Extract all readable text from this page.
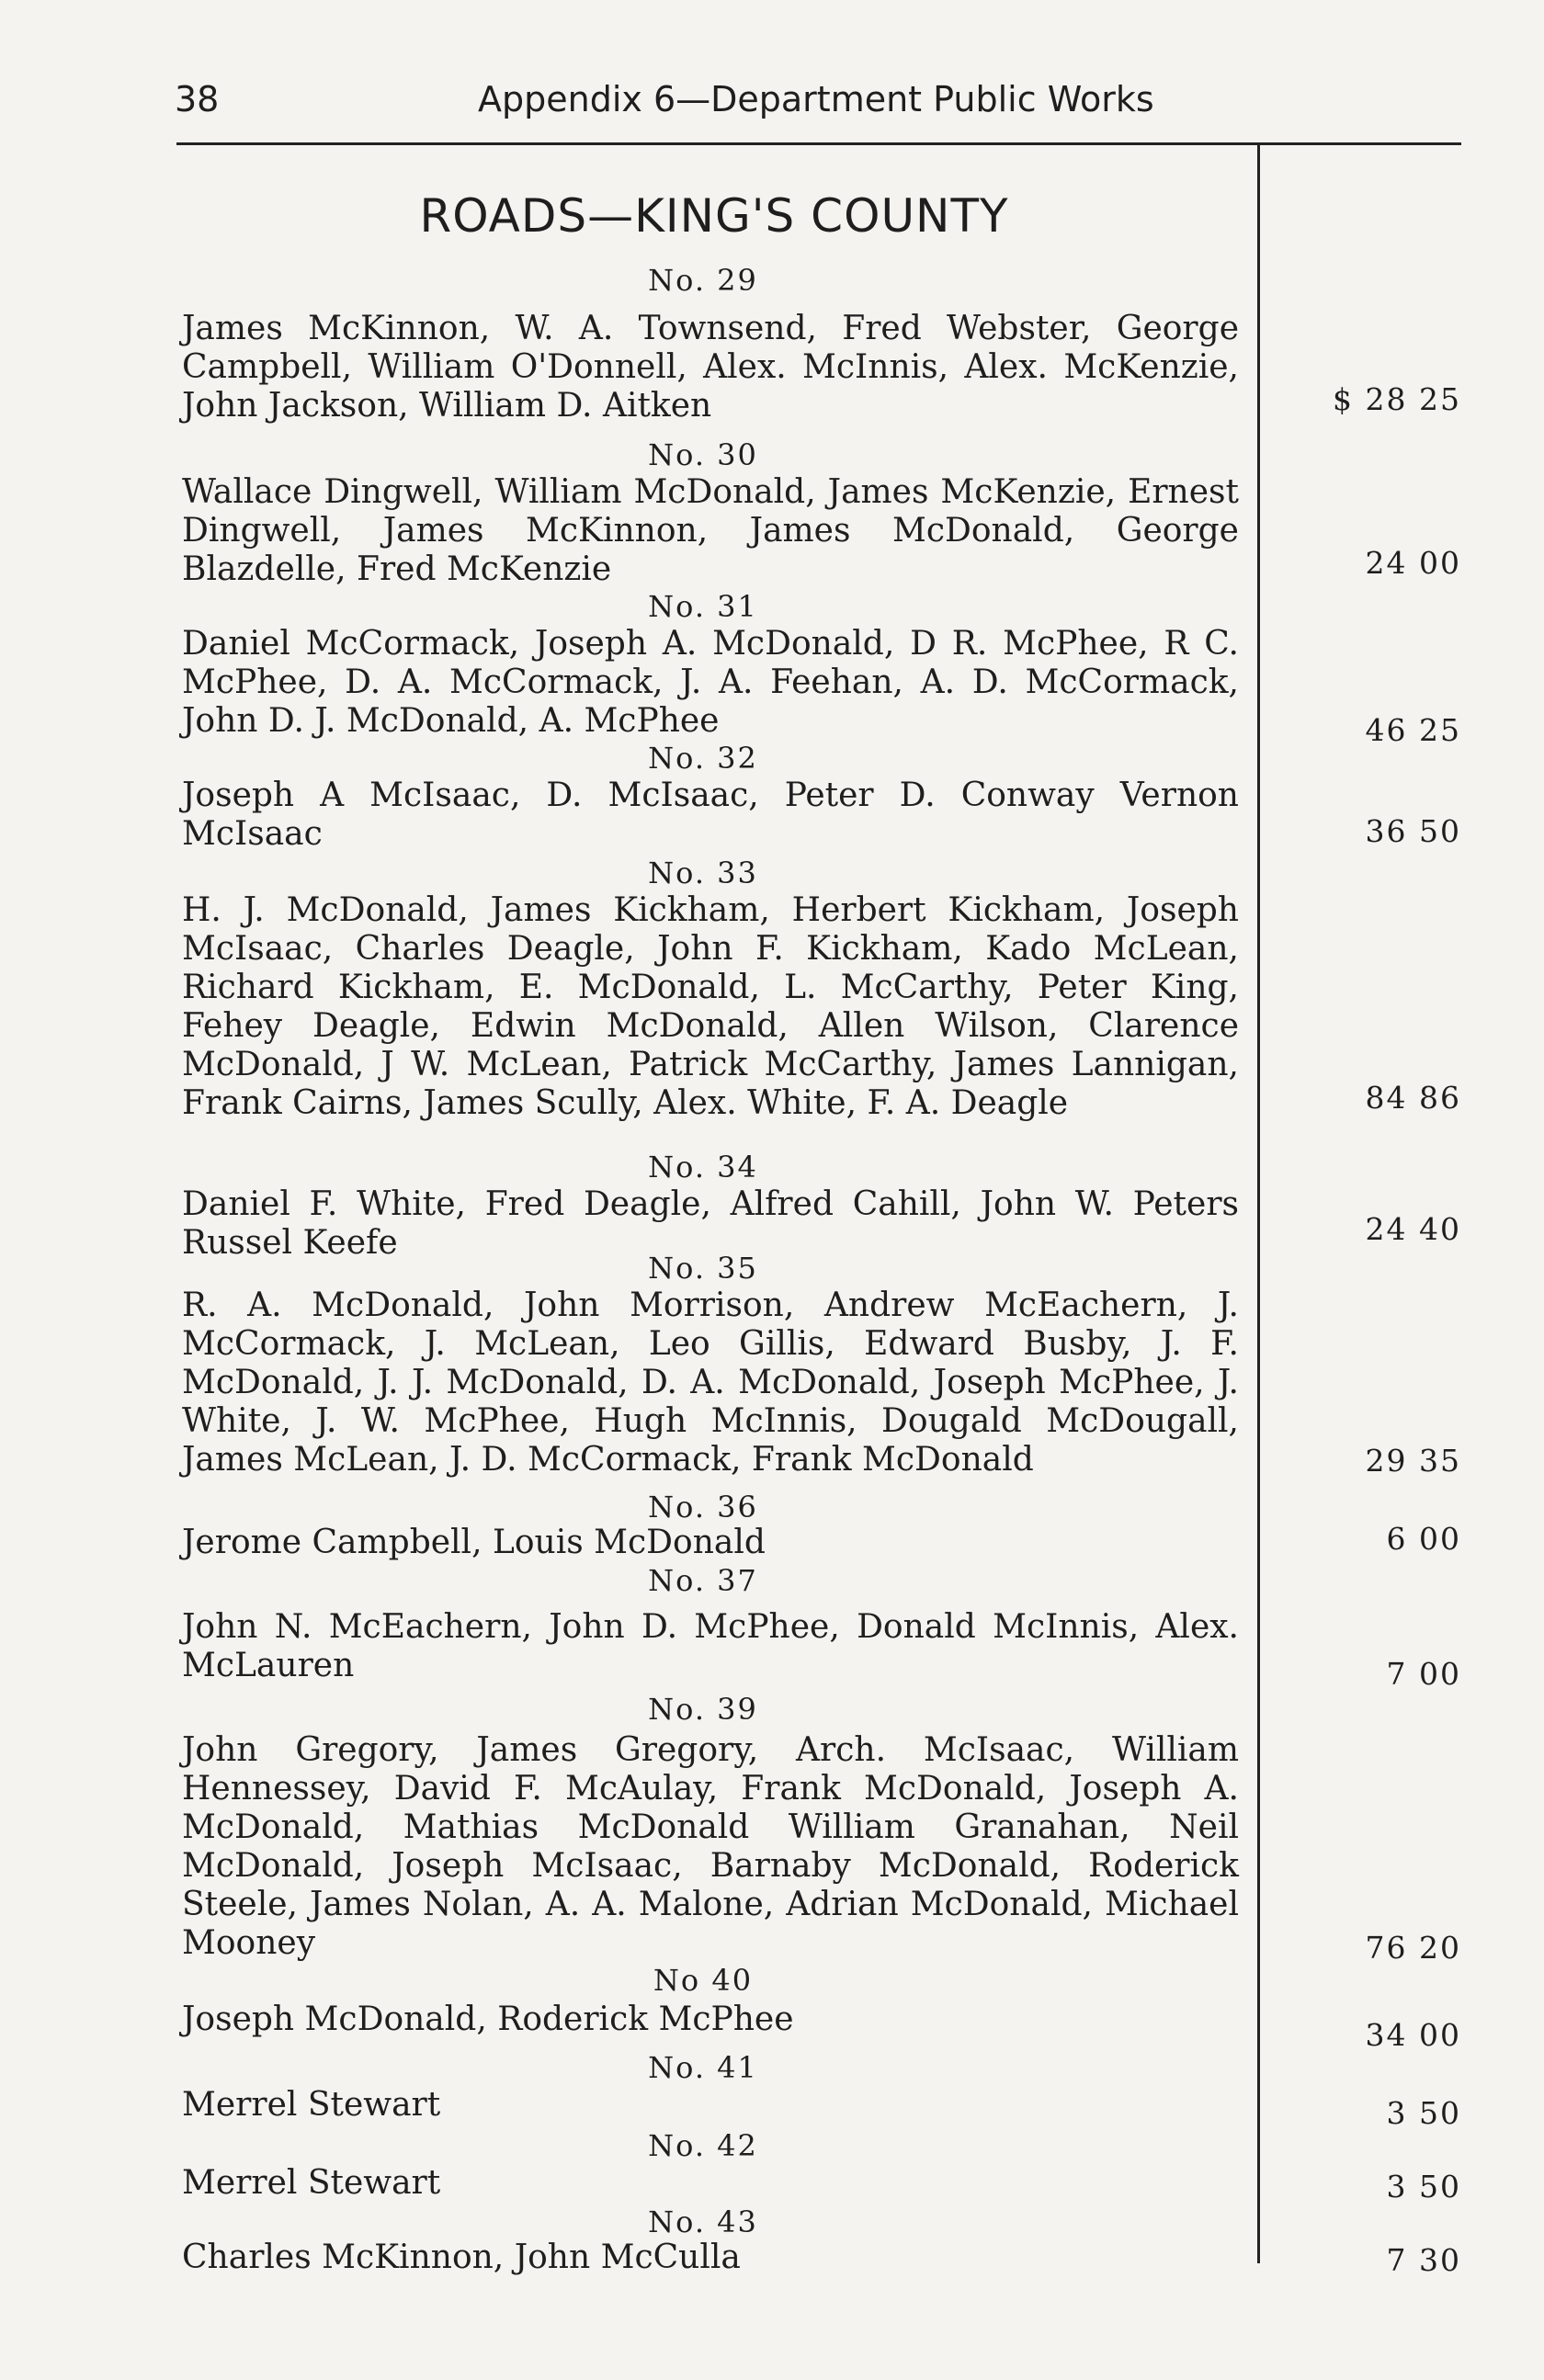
38	Appendix 6—Department Public Works
ROADS—KING'S COUNTY
No. 29
James McKinnon, W. A. Townsend, Fred Webster, George Campbell, William O'Donnell, Alex. McInnis, Alex. McKenzie, John Jackson, William D. Aitken	$ 28 25
No. 30
Wallace Dingwell, William McDonald, James McKenzie, Ernest Dingwell, James McKinnon, James McDonald, George Blazdelle, Fred McKenzie	24 00
No. 31
Daniel McCormack, Joseph A. McDonald, D R. McPhee, R C. McPhee, D. A. McCormack, J. A. Feehan, A. D. McCormack, John D. J. McDonald, A. McPhee	46 25
No. 32
Joseph A McIsaac, D. McIsaac, Peter D. Conway Vernon McIsaac	36 50
No. 33
H. J. McDonald, James Kickham, Herbert Kickham, Joseph McIsaac, Charles Deagle, John F. Kickham, Kado McLean, Richard Kickham, E. McDonald, L. McCarthy, Peter King, Fehey Deagle, Edwin McDonald, Allen Wilson, Clarence McDonald, J W. McLean, Patrick McCarthy, James Lannigan, Frank Cairns, James Scully, Alex. White, F. A. Deagle	84 86
No. 34
Daniel F. White, Fred Deagle, Alfred Cahill, John W. Peters Russel Keefe	24 40
No. 35
R. A. McDonald, John Morrison, Andrew McEachern, J. McCormack, J. McLean, Leo Gillis, Edward Busby, J. F. McDonald, J. J. McDonald, D. A. McDonald, Joseph McPhee, J. White, J. W. McPhee, Hugh McInnis, Dougald McDougall, James McLean, J. D. McCormack, Frank McDonald	29 35
No. 36
Jerome Campbell, Louis McDonald	6 00
No. 37
John N. McEachern, John D. McPhee, Donald McInnis, Alex. McLauren	7 00
No. 39
John Gregory, James Gregory, Arch. McIsaac, William Hennessey, David F. McAulay, Frank McDonald, Joseph A. McDonald, Mathias McDonald William Granahan, Neil McDonald, Joseph McIsaac, Barnaby McDonald, Roderick Steele, James Nolan, A. A. Malone, Adrian McDonald, Michael Mooney	76 20
No 40
Joseph McDonald, Roderick McPhee	34 00
No. 41
Merrel Stewart	3 50
No. 42
Merrel Stewart	3 50
No. 43
Charles McKinnon, John McCulla	7 30
